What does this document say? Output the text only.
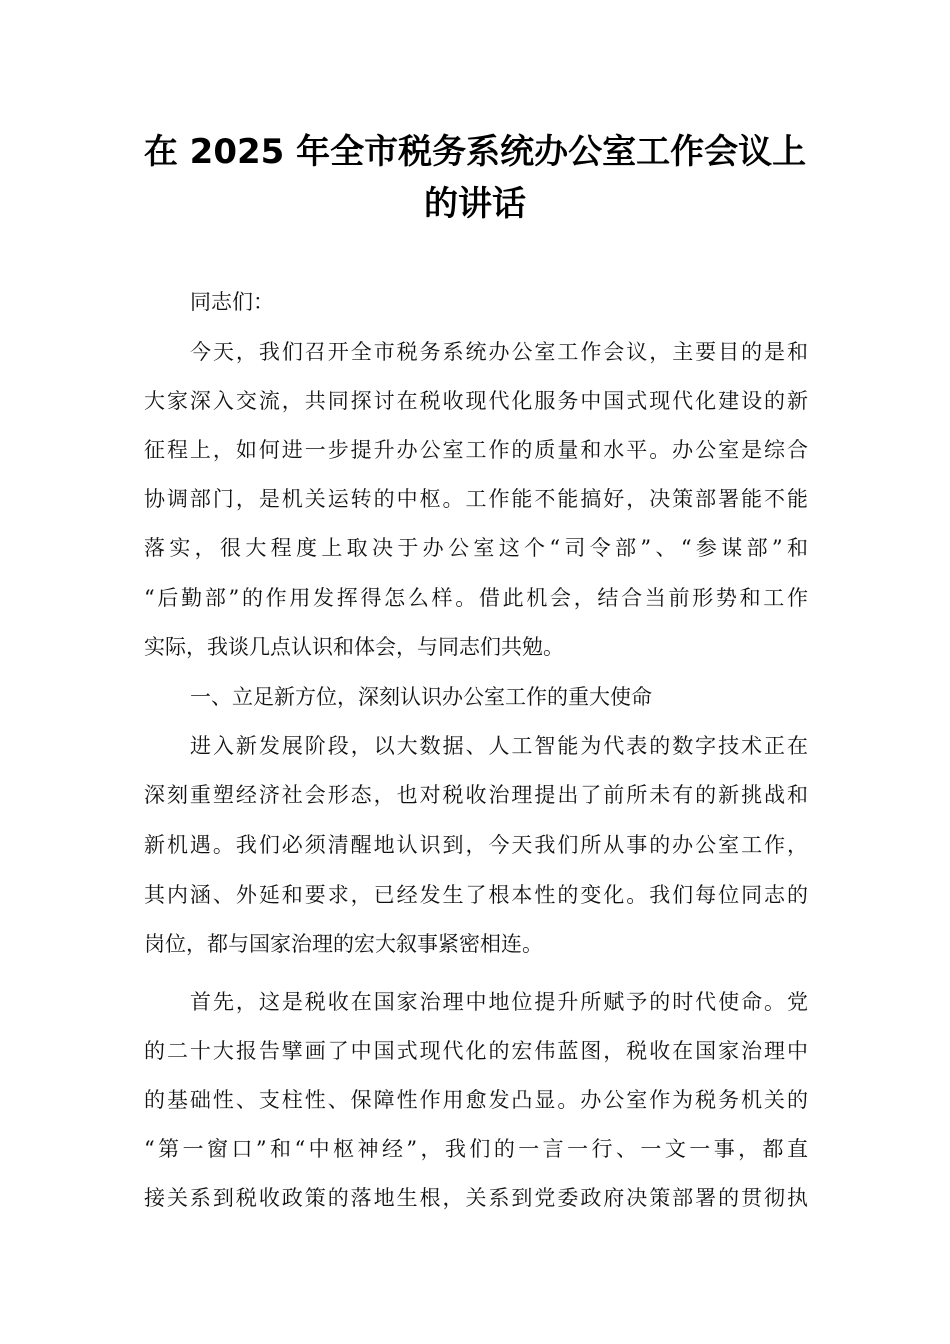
在 2025 年全市税务系统办公室工作会议上
的讲话
同志们：
今天，我们召开全市税务系统办公室工作会议，主要目的是和
大家深入交流，共同探讨在税收现代化服务中国式现代化建设的新
征程上，如何进一步提升办公室工作的质量和水平。办公室是综合
协调部门，是机关运转的中枢。工作能不能搞好，决策部署能不能
落实，很大程度上取决于办公室这个“司令部”、“参谋部”和
“后勤部”的作用发挥得怎么样。借此机会，结合当前形势和工作
实际，我谈几点认识和体会，与同志们共勉。
一、立足新方位，深刻认识办公室工作的重大使命
进入新发展阶段，以大数据、人工智能为代表的数字技术正在
深刻重塑经济社会形态，也对税收治理提出了前所未有的新挑战和
新机遇。我们必须清醒地认识到，今天我们所从事的办公室工作，
其内涵、外延和要求，已经发生了根本性的变化。我们每位同志的
岗位，都与国家治理的宏大叙事紧密相连。
首先，这是税收在国家治理中地位提升所赋予的时代使命。党
的二十大报告擘画了中国式现代化的宏伟蓝图，税收在国家治理中
的基础性、支柱性、保障性作用愈发凸显。办公室作为税务机关的
“第一窗口”和“中枢神经”，我们的一言一行、一文一事，都直
接关系到税收政策的落地生根，关系到党委政府决策部署的贯彻执
